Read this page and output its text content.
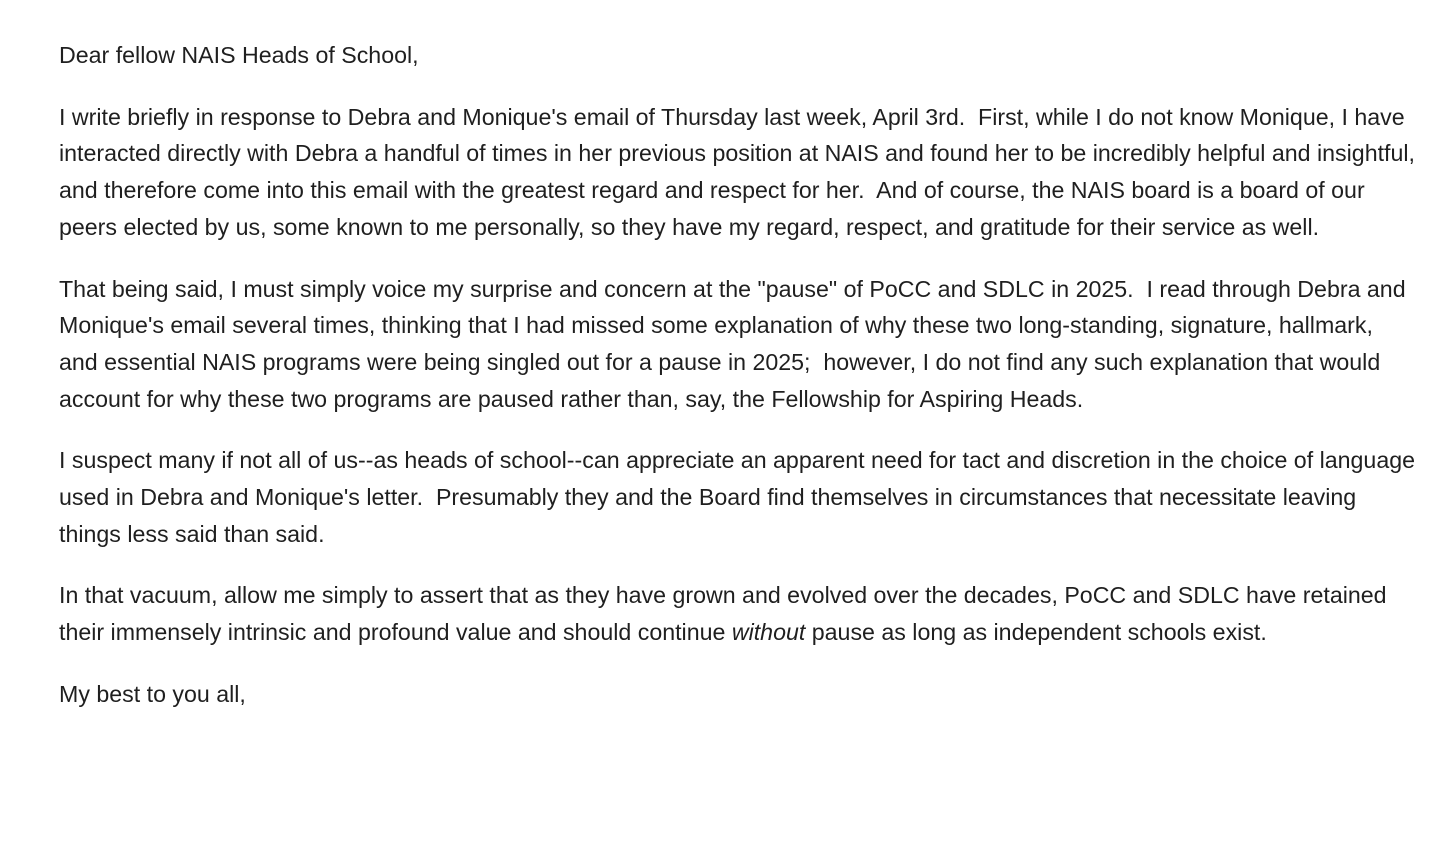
Dear fellow NAIS Heads of School,

I write briefly in response to Debra and Monique's email of Thursday last week, April 3rd.  First, while I do not know Monique, I have interacted directly with Debra a handful of times in her previous position at NAIS and found her to be incredibly helpful and insightful, and therefore come into this email with the greatest regard and respect for her.  And of course, the NAIS board is a board of our peers elected by us, some known to me personally, so they have my regard, respect, and gratitude for their service as well.

That being said, I must simply voice my surprise and concern at the "pause" of PoCC and SDLC in 2025.  I read through Debra and Monique's email several times, thinking that I had missed some explanation of why these two long-standing, signature, hallmark, and essential NAIS programs were being singled out for a pause in 2025;  however, I do not find any such explanation that would account for why these two programs are paused rather than, say, the Fellowship for Aspiring Heads.

I suspect many if not all of us--as heads of school--can appreciate an apparent need for tact and discretion in the choice of language used in Debra and Monique's letter.  Presumably they and the Board find themselves in circumstances that necessitate leaving things less said than said.

In that vacuum, allow me simply to assert that as they have grown and evolved over the decades, PoCC and SDLC have retained their immensely intrinsic and profound value and should continue without pause as long as independent schools exist.

My best to you all,
